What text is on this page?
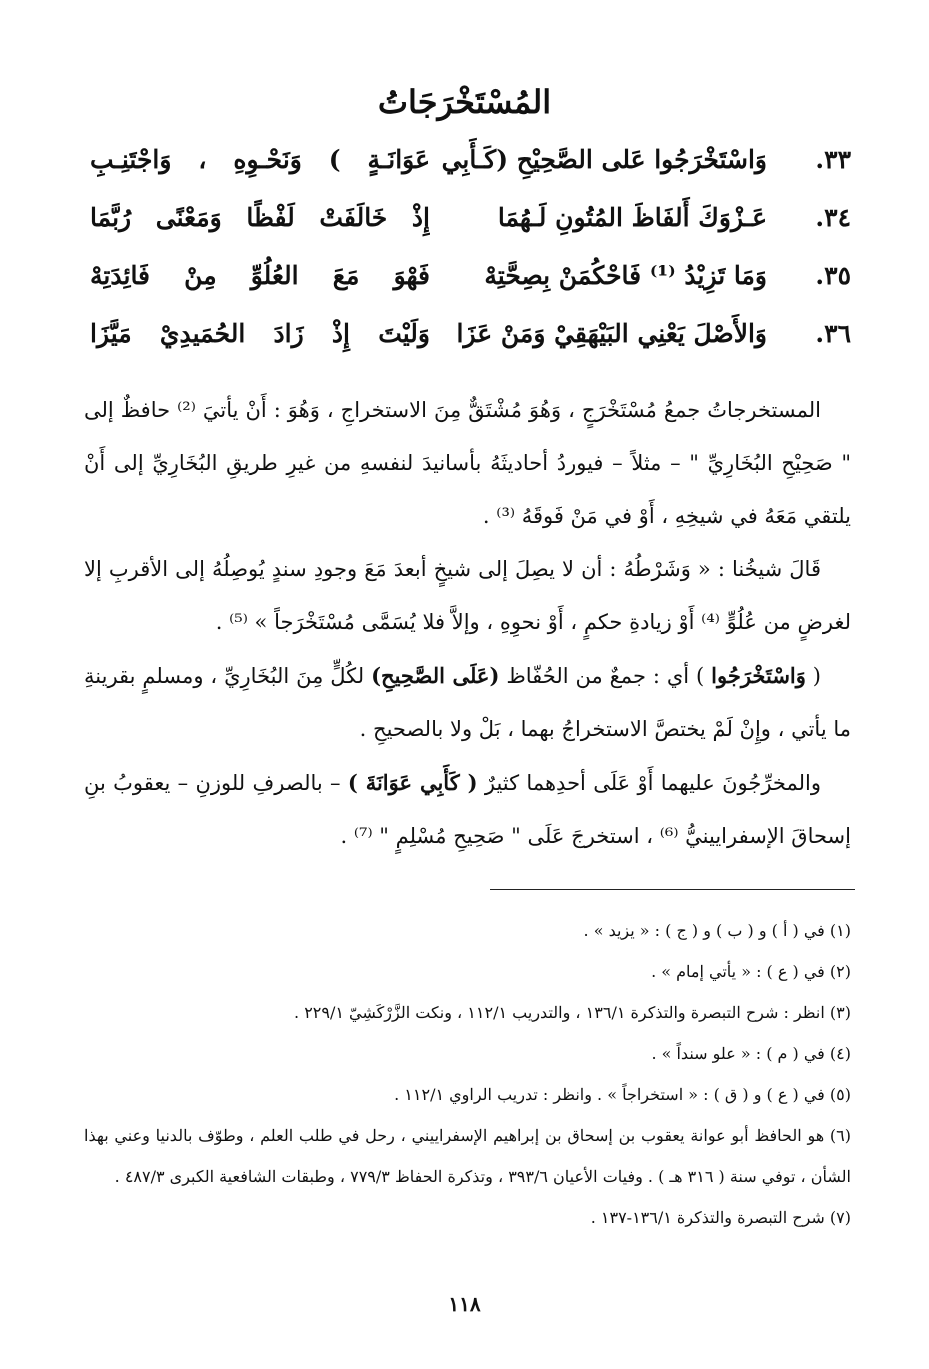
المُسْتَخْرَجَاتُ
٣٣.
وَاسْتَخْرَجُوا عَلى الصَّحِيْحِ (كَـأَبِي
عَوَانَـةٍ ) وَنَحْـوِهِ ، وَاجْتَنِـبِ
٣٤.
عَـزْوَكَ أَلفَاظَ المُتُونِ لَـهُمَا
إِذْ خَالَفَتْ لَفْظًا وَمَعْنًى رُبَّمَا
٣٥.
وَمَا تَزِيْدُ ⁽¹⁾ فَاحْكُمَنْ بِصِحَّتِهْ
فَهْوَ مَعَ العُلُوِّ مِنْ فَائِدَتِهْ
٣٦.
وَالأَصْلَ يَعْنِي البَيْهَقِيْ وَمَنْ عَزَا
وَلَيْتَ إِذْ زَادَ الحُمَيدِيْ مَيَّزَا

المستخرجاتُ جمعُ مُسْتَخْرَجٍ ، وَهُوَ مُشْتَقٌّ مِنَ الاستخراجِ ، وَهُوَ : أَنْ يأتيَ ⁽²⁾ حافظٌ إلى " صَحِيْحِ البُخَارِيِّ " – مثلاً – فيوردُ أحاديثَهُ بأسانيدَ لنفسهِ من غيرِ طريقِ البُخَارِيِّ إلى أَنْ يلتقي مَعَهُ في شيخِهِ ، أَوْ في مَنْ فَوقَهُ ⁽³⁾ .

قَالَ شيخُنا : « وَشَرْطُهُ : أن لا يصِلَ إلى شيخٍ أبعدَ مَعَ وجودِ سندٍ يُوصِلُهُ إلى الأقربِ إلا لغرضٍ من عُلُوٍّ ⁽⁴⁾ أَوْ زيادةِ حكمٍ ، أَوْ نحوِهِ ، وإلاَّ فلا يُسَمَّى مُسْتَخْرَجاً » ⁽⁵⁾ .

( وَاسْتَخْرَجُوا ) أي : جمعٌ من الحُفّاظ (عَلَى الصَّحِيحِ) لكُلٍّ مِنَ البُخَارِيِّ ، ومسلمٍ بقرينةِ ما يأتي ، وإِنْ لَمْ يختصَّ الاستخراجُ بهما ، بَلْ ولا بالصحيحِ .

والمخرِّجُونَ عليهما أَوْ عَلَى أحدِهما كثيرٌ ( كَأَبِي عَوَانَةَ ) – بالصرفِ للوزنِ – يعقوبُ بنِ إسحاقَ الإسفرايينيُّ ⁽⁶⁾ ، استخرجَ عَلَى " صَحِيحِ مُسْلِمٍ " ⁽⁷⁾ .

(١) في ( أ ) و ( ب ) و ( ج ) : « يزيد » .

(٢) في ( ع ) : « يأتي إمام » .

(٣) انظر : شرح التبصرة والتذكرة ١٣٦/١ ، والتدريب ١١٢/١ ، ونكت الزَّرْكَشِيّ ٢٢٩/١ .

(٤) في ( م ) : « علو سنداً » .

(٥) في ( ع ) و ( ق ) : « استخراجاً » . وانظر : تدريب الراوي ١١٢/١ .

(٦) هو الحافظ أبو عوانة يعقوب بن إسحاق بن إبراهيم الإسفراييني ، رحل في طلب العلم ، وطوّف بالدنيا وعني بهذا الشأن ، توفي سنة ( ٣١٦ هـ ) . وفيات الأعيان ٣٩٣/٦ ، وتذكرة الحفاظ ٧٧٩/٣ ، وطبقات الشافعية الكبرى ٤٨٧/٣ .

(٧) شرح التبصرة والتذكرة ١٣٦/١-١٣٧ .

١١٨
